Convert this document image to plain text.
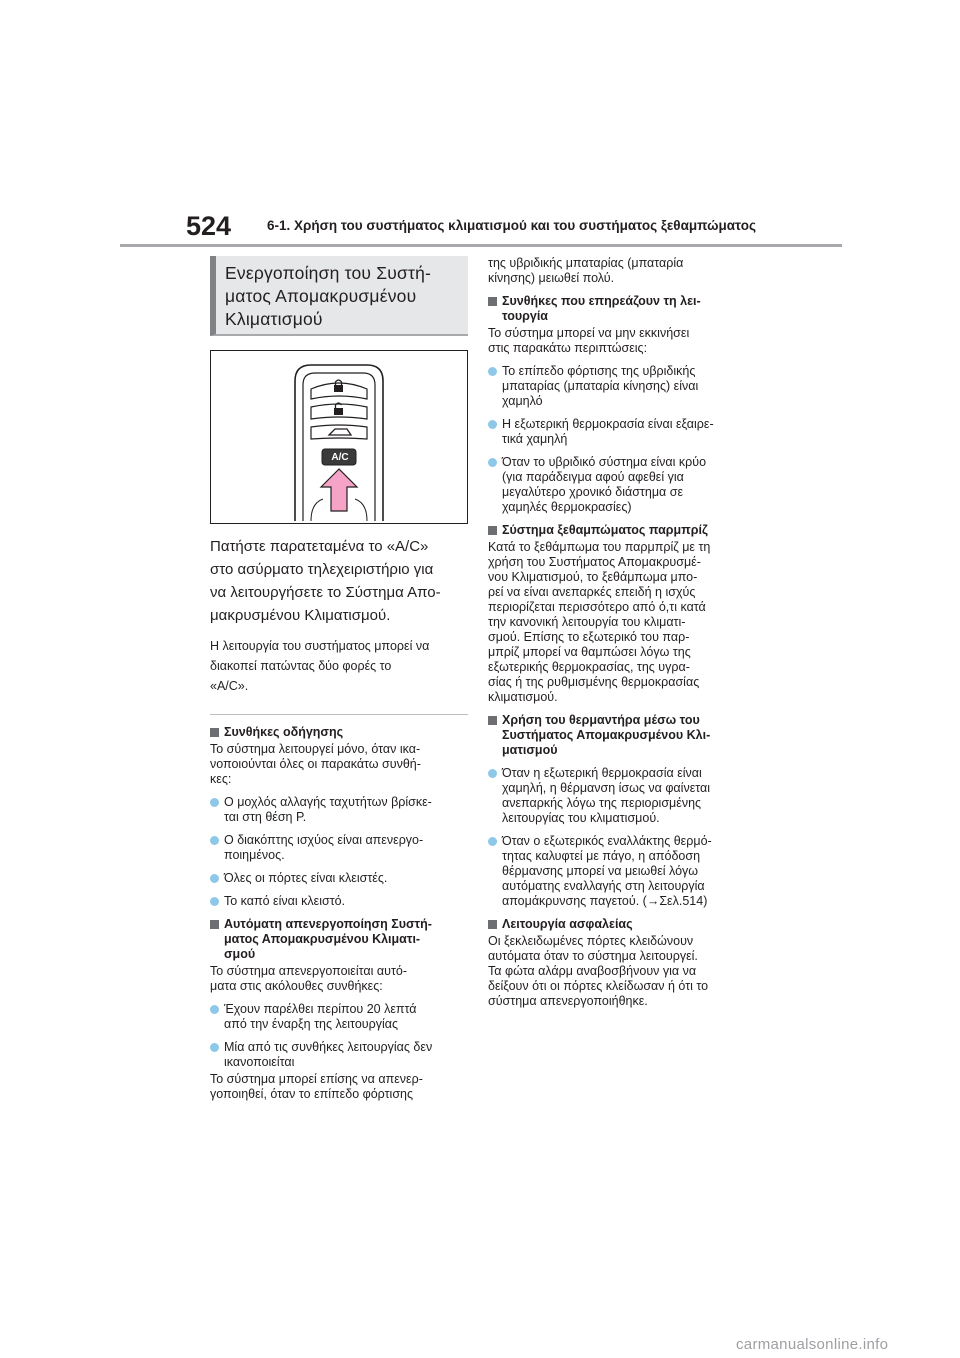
524	6-1. Χρήση του συστήματος κλιματισμού και του συστήματος ξεθαμπώματος
Ενεργοποίηση του Συστή-
ματος Απομακρυσμένου
Κλιματισμού
A/C
Πατήστε παρατεταμένα το «A/C»
στο ασύρματο τηλεχειριστήριο για
να λειτουργήσετε το Σύστημα Απο-
μακρυσμένου Κλιματισμού.
Η λειτουργία του συστήματος μπορεί να
διακοπεί πατώντας δύο φορές το
«A/C».
Συνθήκες οδήγησης
Το σύστημα λειτουργεί μόνο, όταν ικα-
νοποιούνται όλες οι παρακάτω συνθή-
κες:
Ο μοχλός αλλαγής ταχυτήτων βρίσκε-
ται στη θέση P.
Ο διακόπτης ισχύος είναι απενεργο-
ποιημένος.
Όλες οι πόρτες είναι κλειστές.
Το καπό είναι κλειστό.
Αυτόματη απενεργοποίηση Συστή-
ματος Απομακρυσμένου Κλιματι-
σμού
Το σύστημα απενεργοποιείται αυτό-
ματα στις ακόλουθες συνθήκες:
Έχουν παρέλθει περίπου 20 λεπτά
από την έναρξη της λειτουργίας
Μία από τις συνθήκες λειτουργίας δεν
ικανοποιείται
Το σύστημα μπορεί επίσης να απενερ-
γοποιηθεί, όταν το επίπεδο φόρτισης
της υβριδικής μπαταρίας (μπαταρία
κίνησης) μειωθεί πολύ.
Συνθήκες που επηρεάζουν τη λει-
τουργία
Το σύστημα μπορεί να μην εκκινήσει
στις παρακάτω περιπτώσεις:
Το επίπεδο φόρτισης της υβριδικής
μπαταρίας (μπαταρία κίνησης) είναι
χαμηλό
Η εξωτερική θερμοκρασία είναι εξαιρε-
τικά χαμηλή
Όταν το υβριδικό σύστημα είναι κρύο
(για παράδειγμα αφού αφεθεί για
μεγαλύτερο χρονικό διάστημα σε
χαμηλές θερμοκρασίες)
Σύστημα ξεθαμπώματος παρμπρίζ
Κατά το ξεθάμπωμα του παρμπρίζ με τη
χρήση του Συστήματος Απομακρυσμέ-
νου Κλιματισμού, το ξεθάμπωμα μπο-
ρεί να είναι ανεπαρκές επειδή η ισχύς
περιορίζεται περισσότερο από ό,τι κατά
την κανονική λειτουργία του κλιματι-
σμού. Επίσης το εξωτερικό του παρ-
μπρίζ μπορεί να θαμπώσει λόγω της
εξωτερικής θερμοκρασίας, της υγρα-
σίας ή της ρυθμισμένης θερμοκρασίας
κλιματισμού.
Χρήση του θερμαντήρα μέσω του
Συστήματος Απομακρυσμένου Κλι-
ματισμού
Όταν η εξωτερική θερμοκρασία είναι
χαμηλή, η θέρμανση ίσως να φαίνεται
ανεπαρκής λόγω της περιορισμένης
λειτουργίας του κλιματισμού.
Όταν ο εξωτερικός εναλλάκτης θερμό-
τητας καλυφτεί με πάγο, η απόδοση
θέρμανσης μπορεί να μειωθεί λόγω
αυτόματης εναλλαγής στη λειτουργία
απομάκρυνσης παγετού. (→Σελ.514)
Λειτουργία ασφαλείας
Οι ξεκλειδωμένες πόρτες κλειδώνουν
αυτόματα όταν το σύστημα λειτουργεί.
Τα φώτα αλάρμ αναβοσβήνουν για να
δείξουν ότι οι πόρτες κλείδωσαν ή ότι το
σύστημα απενεργοποιήθηκε.
carmanualsonline.info
